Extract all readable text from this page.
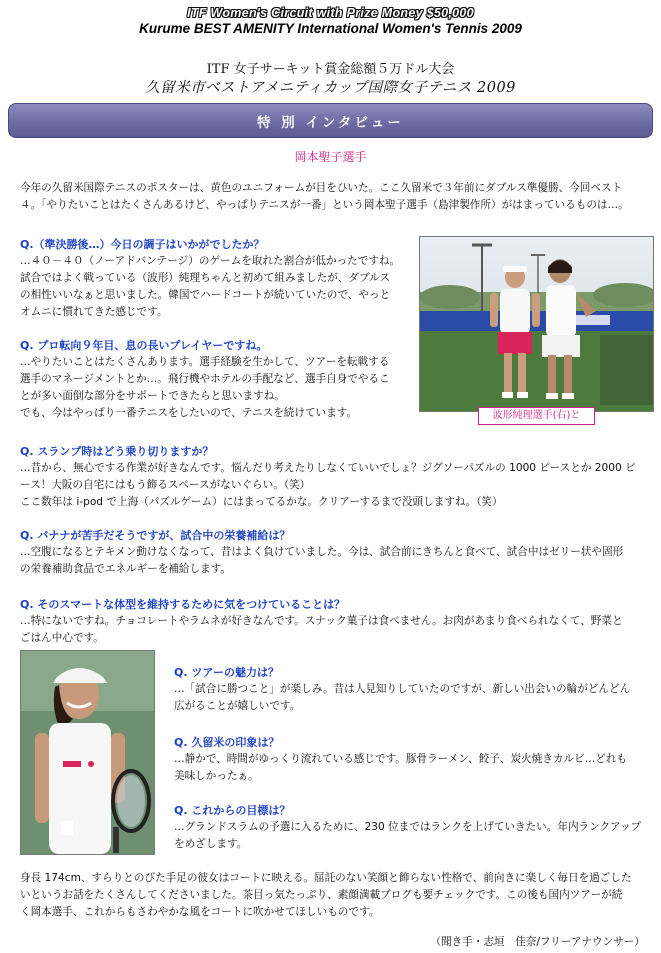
ITF Women's Circuit with Prize Money $50,000
Kurume BEST AMENITY International Women's Tennis 2009
ITF 女子サーキット賞金総額５万ドル大会
久留米市ベストアメニティカップ国際女子テニス 2009
特 別 インタビュー
岡本聖子選手
今年の久留米国際テニスのポスターは、黄色のユニフォームが目をひいた。ここ久留米で３年前にダブルス準優勝、今回ベスト
４。「やりたいことはたくさんあるけど、やっぱりテニスが一番」という岡本聖子選手（島津製作所）がはまっているものは…。
Q.（準決勝後…）今日の調子はいかがでしたか？
…４０－４０（ノーアドバンテージ）のゲームを取れた割合が低かったですね。
試合ではよく戦っている（波形）純理ちゃんと初めて組みましたが、ダブルス
の相性いいなぁと思いました。韓国でハードコートが続いていたので、やっと
オムニに慣れてきた感じです。
Q. プロ転向９年目、息の長いプレイヤーですね。
…やりたいことはたくさんあります。選手経験を生かして、ツアーを転戦する
選手のマネージメントとか…。飛行機やホテルの手配など、選手自身でやるこ
とが多い面倒な部分をサポートできたらと思いますね。
でも、今はやっぱり一番テニスをしたいので、テニスを続けています。	波形純理選手(右)と
Q. スランプ時はどう乗り切りますか？
…昔から、無心でする作業が好きなんです。悩んだり考えたりしなくていいでしょ？ジグソーパズルの 1000 ピースとか 2000 ピ
ース！大阪の自宅にはもう飾るスペースがないぐらい。（笑）
ここ数年は i-pod で上海（パズルゲーム）にはまってるかな。クリアーするまで没頭しますね。（笑）
Q. バナナが苦手だそうですが、試合中の栄養補給は？
…空腹になるとテキメン動けなくなって、昔はよく負けていました。今は、試合前にきちんと食べて、試合中はゼリー状や固形
の栄養補助食品でエネルギーを補給します。
Q. そのスマートな体型を維持するために気をつけていることは？
…特にないですね。チョコレートやラムネが好きなんです。スナック菓子は食べません。お肉があまり食べられなくて、野菜と
ごはん中心です。
Q. ツアーの魅力は？
…「試合に勝つこと」が楽しみ。昔は人見知りしていたのですが、新しい出会いの輪がどんどん
広がることが嬉しいです。
Q. 久留米の印象は？
…静かで、時間がゆっくり流れている感じです。豚骨ラーメン、餃子、炭火焼きカルビ…どれも
美味しかったぁ。
Q. これからの目標は？
…グランドスラムの予選に入るために、230 位まではランクを上げていきたい。年内ランクアップ
をめざします。
身長 174cm、すらりとのびた手足の彼女はコートに映える。屈託のない笑顔と飾らない性格で、前向きに楽しく毎日を過ごした
いというお話をたくさんしてくださいました。茶目っ気たっぷり、素顔満載ブログも要チェックです。この後も国内ツアーが続
く岡本選手、これからもさわやかな風をコートに吹かせてほしいものです。
（聞き手・志垣　佳奈/フリーアナウンサー）
